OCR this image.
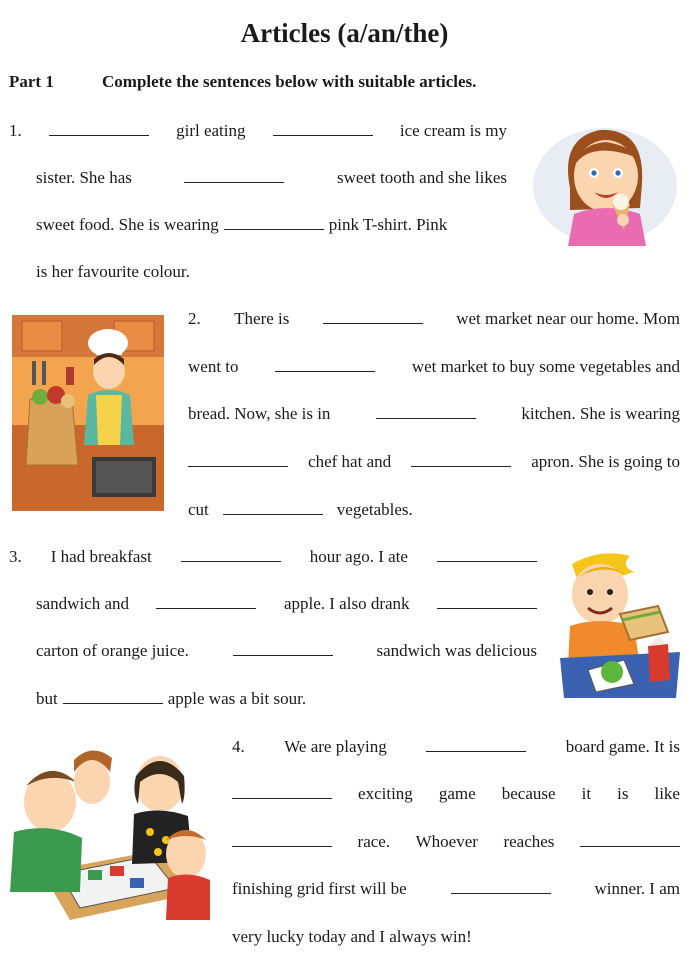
Articles (a/an/the)
Part 1	Complete the sentences below with suitable articles.
1.	girl eating	ice cream is my
sister. She has	sweet tooth and she likes
sweet food. She is wearing	pink T-shirt. Pink
is her favourite colour.
2. There is	wet market near our home. Mom
went to	wet market to buy some vegetables and
bread. Now, she is in	kitchen. She is wearing
chef hat and	apron. She is going to
cut	vegetables.
3. I had breakfast	hour ago. I ate
sandwich and	apple. I also drank
carton of orange juice.	sandwich was delicious
but	apple was a bit sour.
4. We are playing	board game. It is
exciting game because it is like
race. Whoever reaches
finishing grid first will be	winner. I am
very lucky today and I always win!
